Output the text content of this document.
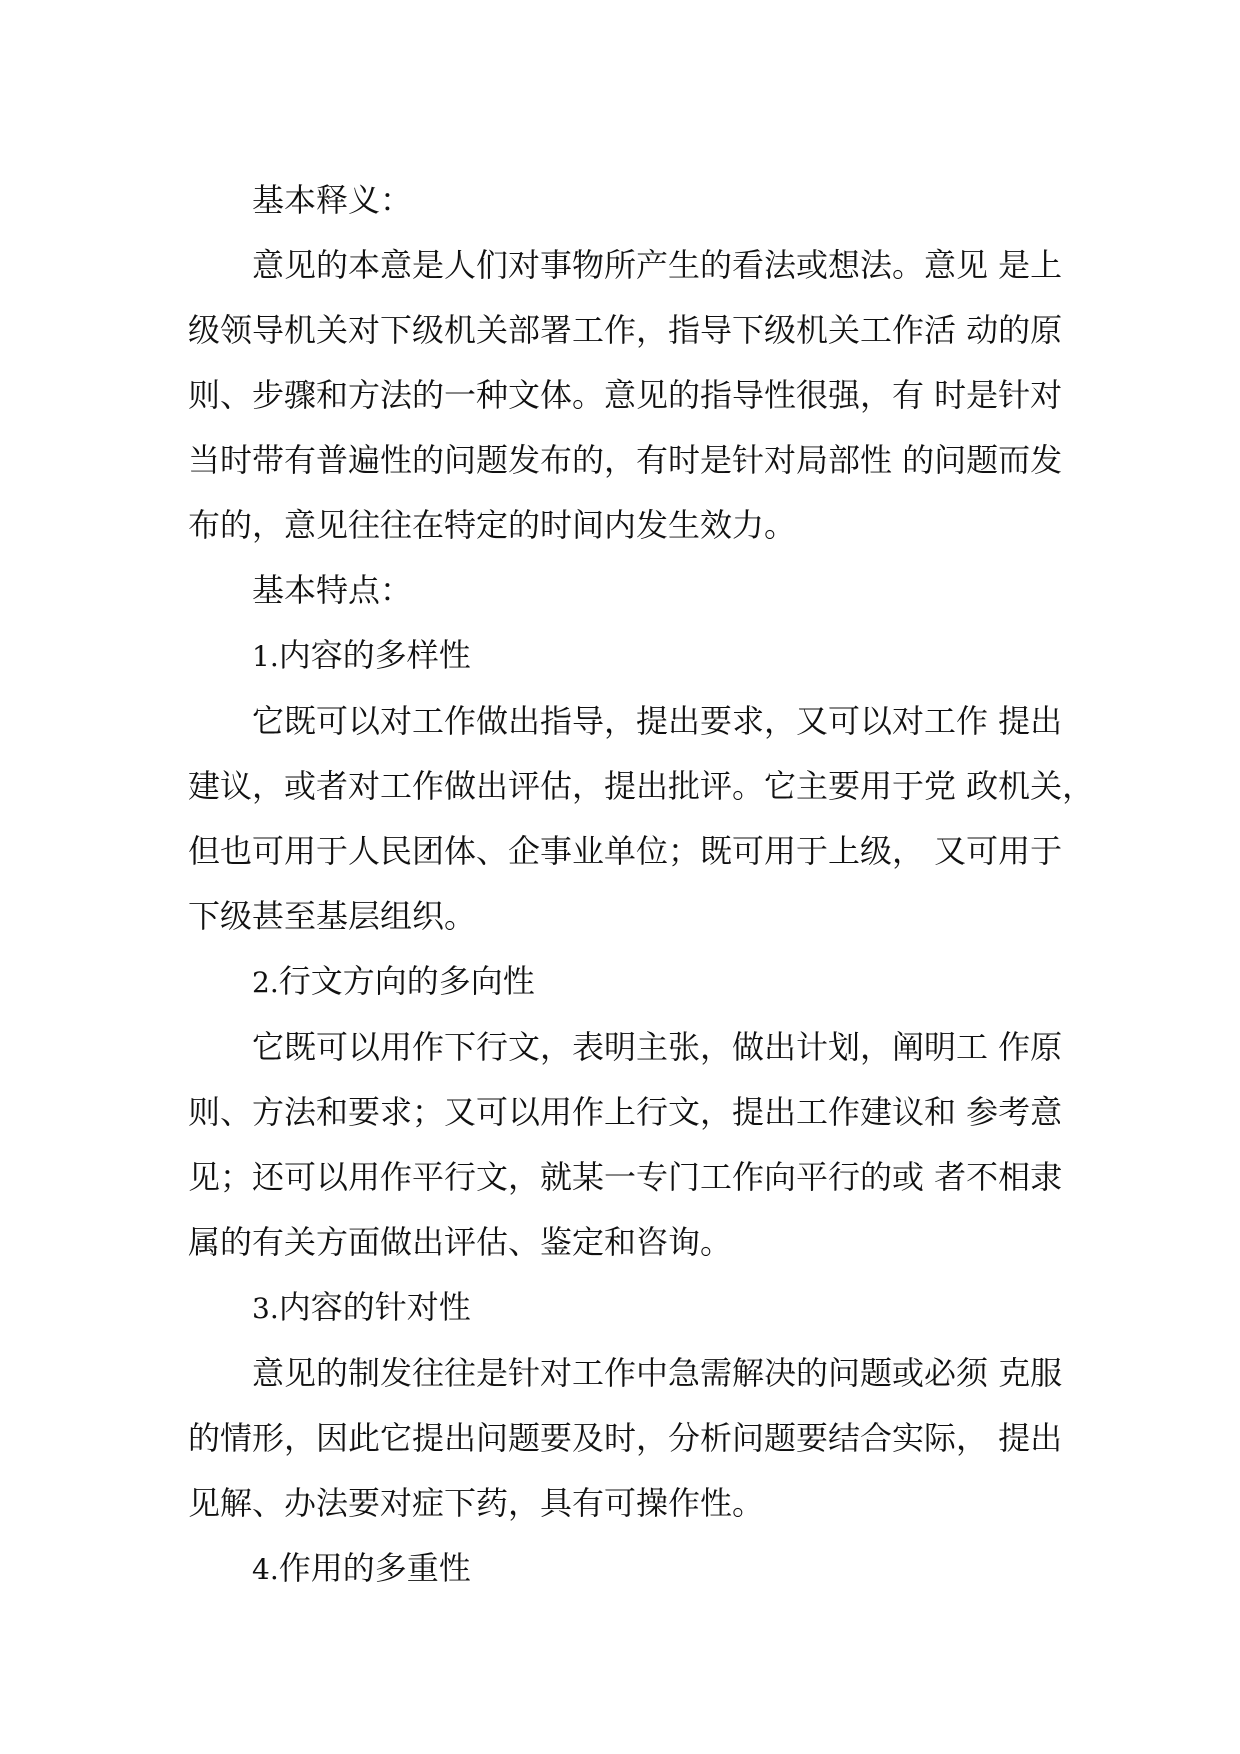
基本释义：

意见的本意是人们对事物所产生的看法或想法。意见 是上

级领导机关对下级机关部署工作，指导下级机关工作活 动的原

则、步骤和方法的一种文体。意见的指导性很强，有 时是针对

当时带有普遍性的问题发布的，有时是针对局部性 的问题而发

布的，意见往往在特定的时间内发生效力。

基本特点：

1.内容的多样性

它既可以对工作做出指导，提出要求，又可以对工作 提出

建议，或者对工作做出评估，提出批评。它主要用于党 政机关，

但也可用于人民团体、企事业单位；既可用于上级， 又可用于

下级甚至基层组织。

2.行文方向的多向性

它既可以用作下行文，表明主张，做出计划，阐明工 作原

则、方法和要求；又可以用作上行文，提出工作建议和 参考意

见；还可以用作平行文，就某一专门工作向平行的或 者不相隶

属的有关方面做出评估、鉴定和咨询。

3.内容的针对性

意见的制发往往是针对工作中急需解决的问题或必须 克服

的情形，因此它提出问题要及时，分析问题要结合实际， 提出

见解、办法要对症下药，具有可操作性。

4.作用的多重性
